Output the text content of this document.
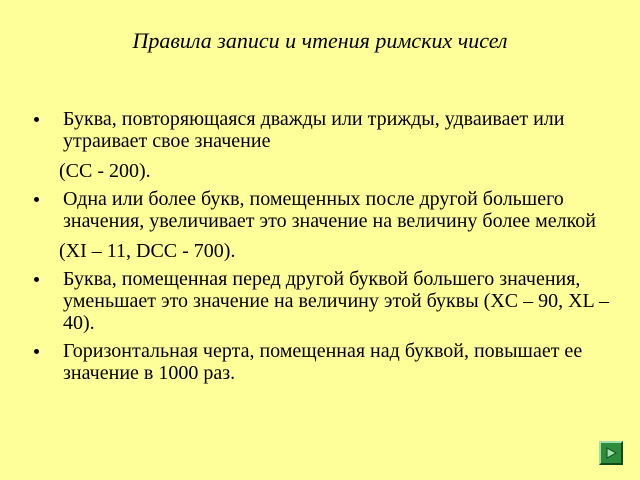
Правила записи и чтения римских чисел
Буква, повторяющаяся дважды или трижды, удваивает или утраивает свое значение
(CC - 200).
Одна или более букв, помещенных после другой большего значения, увеличивает это значение на величину более мелкой
(XI – 11, DCC - 700).
Буква, помещенная перед другой буквой большего значения, уменьшает это значение на величину этой буквы (XC – 90, XL – 40).
Горизонтальная черта, помещенная над буквой, повышает ее значение в 1000 раз.
